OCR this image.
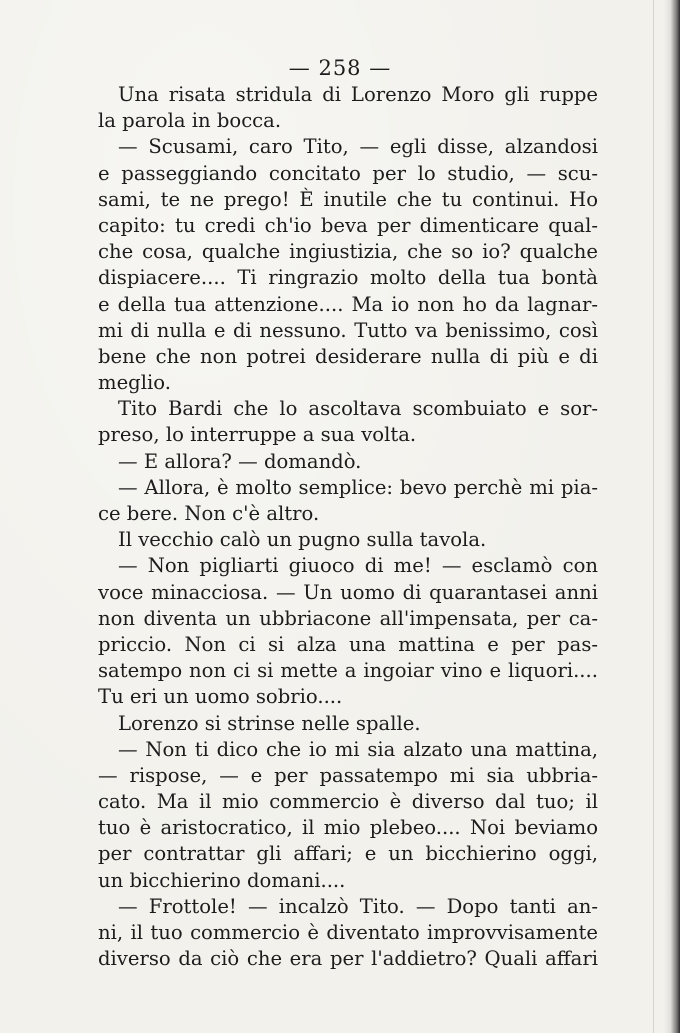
— 258 —
Una risata stridula di Lorenzo Moro gli ruppe
la parola in bocca.
— Scusami, caro Tito, — egli disse, alzandosi
e passeggiando concitato per lo studio, — scu-
sami, te ne prego! È inutile che tu continui. Ho
capito: tu credi ch'io beva per dimenticare qual-
che cosa, qualche ingiustizia, che so io? qualche
dispiacere.... Ti ringrazio molto della tua bontà
e della tua attenzione.... Ma io non ho da lagnar-
mi di nulla e di nessuno. Tutto va benissimo, così
bene che non potrei desiderare nulla di più e di
meglio.
Tito Bardi che lo ascoltava scombuiato e sor-
preso, lo interruppe a sua volta.
— E allora? — domandò.
— Allora, è molto semplice: bevo perchè mi pia-
ce bere. Non c'è altro.
Il vecchio calò un pugno sulla tavola.
— Non pigliarti giuoco di me! — esclamò con
voce minacciosa. — Un uomo di quarantasei anni
non diventa un ubbriacone all'impensata, per ca-
priccio. Non ci si alza una mattina e per pas-
satempo non ci si mette a ingoiar vino e liquori....
Tu eri un uomo sobrio....
Lorenzo si strinse nelle spalle.
— Non ti dico che io mi sia alzato una mattina,
— rispose, — e per passatempo mi sia ubbria-
cato. Ma il mio commercio è diverso dal tuo; il
tuo è aristocratico, il mio plebeo.... Noi beviamo
per contrattar gli affari; e un bicchierino oggi,
un bicchierino domani....
— Frottole! — incalzò Tito. — Dopo tanti an-
ni, il tuo commercio è diventato improvvisamente
diverso da ciò che era per l'addietro? Quali affari
